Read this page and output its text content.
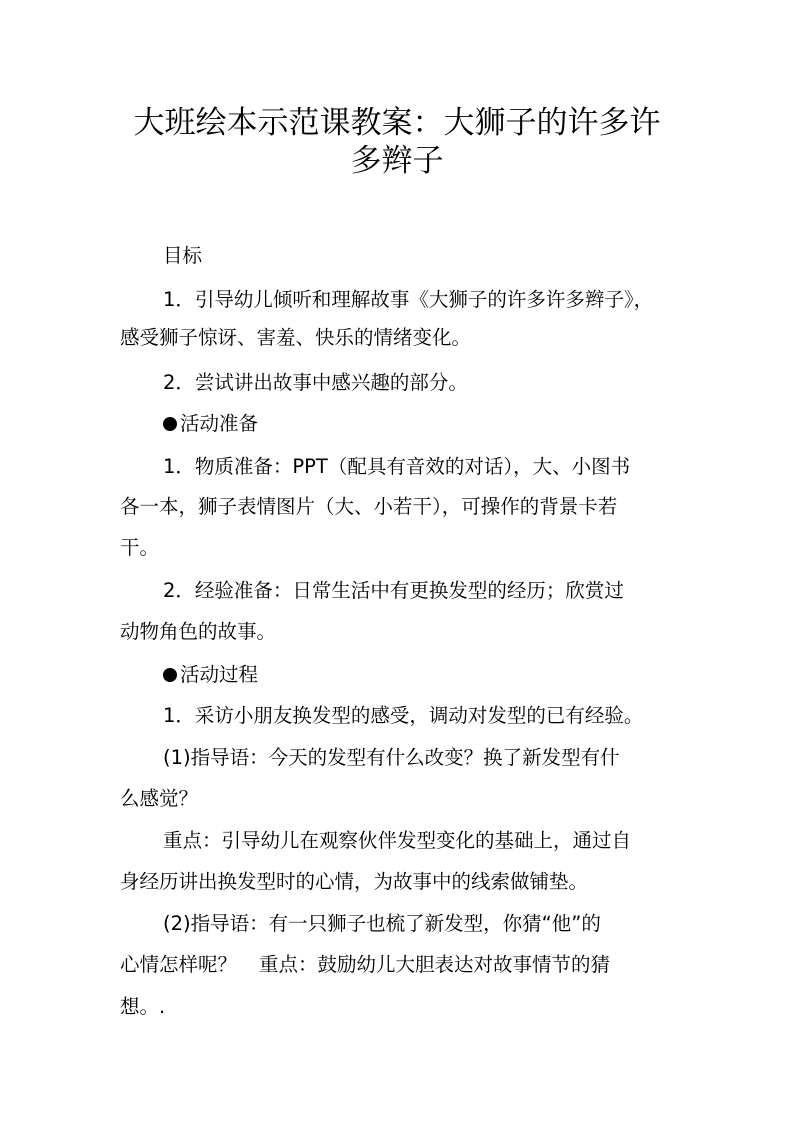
大班绘本示范课教案：大狮子的许多许
多辫子

目标

1．引导幼儿倾听和理解故事《大狮子的许多许多辫子》，

感受狮子惊讶、害羞、快乐的情绪变化。

2．尝试讲出故事中感兴趣的部分。

活动准备

1．物质准备：PPT（配具有音效的对话），大、小图书

各一本，狮子表情图片（大、小若干），可操作的背景卡若

干。

2．经验准备：日常生活中有更换发型的经历；欣赏过

动物角色的故事。

活动过程

1．采访小朋友换发型的感受，调动对发型的已有经验。

(1)指导语：今天的发型有什么改变？换了新发型有什

么感觉？

重点：引导幼儿在观察伙伴发型变化的基础上，通过自

身经历讲出换发型时的心情，为故事中的线索做铺垫。

(2)指导语：有一只狮子也梳了新发型，你猜“他”的

心情怎样呢？ 重点：鼓励幼儿大胆表达对故事情节的猜

想。.
